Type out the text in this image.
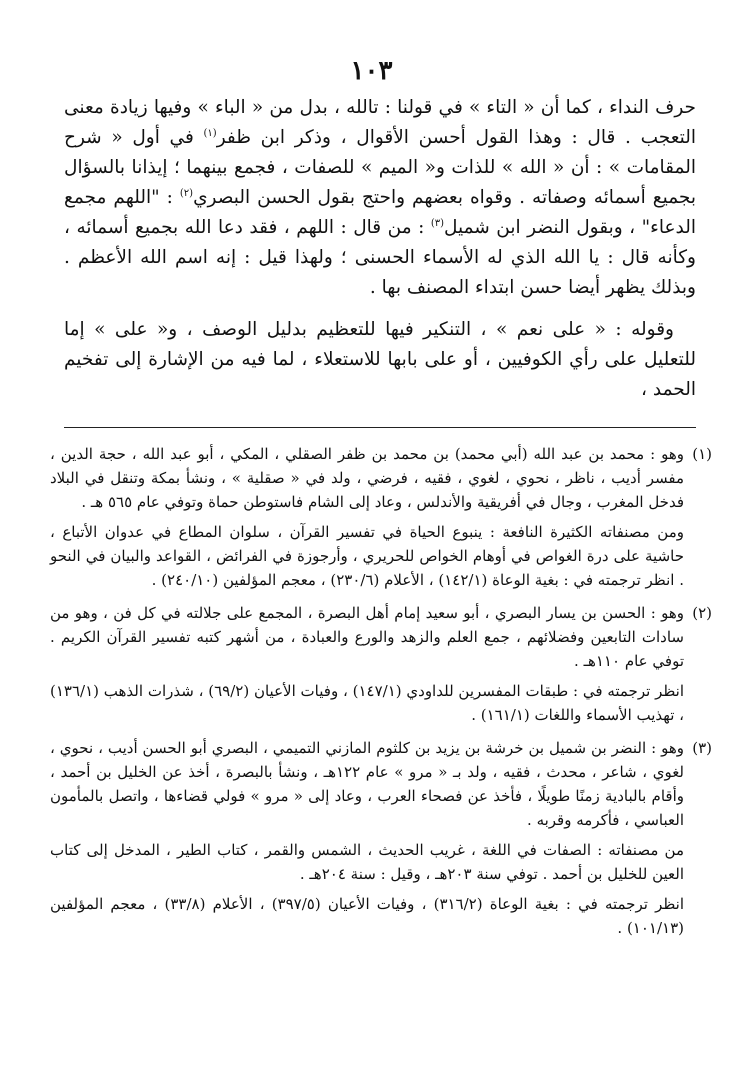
١٠٣

حرف النداء ، كما أن « التاء » في قولنا : تالله ، بدل من « الباء » وفيها زيادة معنى التعجب . قال : وهذا القول أحسن الأقوال ، وذكر ابن ظفر$^{(١)}$ في أول « شرح المقامات » : أن « الله » للذات و« الميم » للصفات ، فجمع بينهما ؛ إيذانا بالسؤال بجميع أسمائه وصفاته . وقواه بعضهم واحتج بقول الحسن البصري$^{(٢)}$ : "اللهم مجمع الدعاء" ، وبقول النضر ابن شميل$^{(٣)}$ : من قال : اللهم ، فقد دعا الله بجميع أسمائه ، وكأنه قال : يا الله الذي له الأسماء الحسنى ؛ ولهذا قيل : إنه اسم الله الأعظم . وبذلك يظهر أيضا حسن ابتداء المصنف بها .

وقوله : « على نعم » ، التنكير فيها للتعظيم بدليل الوصف ، و« على » إما للتعليل على رأي الكوفيين ، أو على بابها للاستعلاء ، لما فيه من الإشارة إلى تفخيم الحمد ،

(١)

وهو : محمد بن عبد الله (أبي محمد) بن محمد بن ظفر الصقلي ، المكي ، أبو عبد الله ، حجة الدين ، مفسر أديب ، ناظر ، نحوي ، لغوي ، فقيه ، فرضي ، ولد في « صقلية » ، ونشأ بمكة وتنقل في البلاد فدخل المغرب ، وجال في أفريقية والأندلس ، وعاد إلى الشام فاستوطن حماة وتوفي عام ٥٦٥ هـ .

ومن مصنفاته الكثيرة النافعة : ينبوع الحياة في تفسير القرآن ، سلوان المطاع في عدوان الأتباع ، حاشية على درة الغواص في أوهام الخواص للحريري ، وأرجوزة في الفرائض ، القواعد والبيان في النحو . انظر ترجمته في : بغية الوعاة (١٤٢/١) ، الأعلام (٢٣٠/٦) ، معجم المؤلفين (٢٤٠/١٠) .

(٢)

وهو : الحسن بن يسار البصري ، أبو سعيد إمام أهل البصرة ، المجمع على جلالته في كل فن ، وهو من سادات التابعين وفضلائهم ، جمع العلم والزهد والورع والعبادة ، من أشهر كتبه تفسير القرآن الكريم . توفي عام ١١٠هـ .

انظر ترجمته في : طبقات المفسرين للداودي (١٤٧/١) ، وفيات الأعيان (٦٩/٢) ، شذرات الذهب (١٣٦/١) ، تهذيب الأسماء واللغات (١٦١/١) .

(٣)

وهو : النضر بن شميل بن خرشة بن يزيد بن كلثوم المازني التميمي ، البصري أبو الحسن أديب ، نحوي ، لغوي ، شاعر ، محدث ، فقيه ، ولد بـ « مرو » عام ١٢٢هـ ، ونشأ بالبصرة ، أخذ عن الخليل بن أحمد ، وأقام بالبادية زمنًا طويلًا ، فأخذ عن فصحاء العرب ، وعاد إلى « مرو » فولي قضاءها ، واتصل بالمأمون العباسي ، فأكرمه وقربه .

من مصنفاته : الصفات في اللغة ، غريب الحديث ، الشمس والقمر ، كتاب الطير ، المدخل إلى كتاب العين للخليل بن أحمد . توفي سنة ٢٠٣هـ ، وقيل : سنة ٢٠٤هـ .

انظر ترجمته في : بغية الوعاة (٣١٦/٢) ، وفيات الأعيان (٣٩٧/٥) ، الأعلام (٣٣/٨) ، معجم المؤلفين (١٠١/١٣) .
